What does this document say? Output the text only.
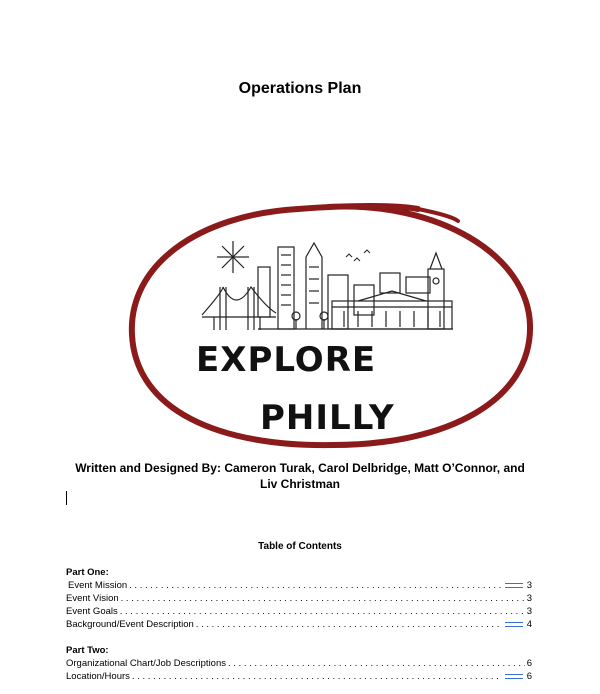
Operations Plan
EXPLORE
PHILLY
Written and Designed By: Cameron Turak, Carol Delbridge, Matt O’Connor, and
Liv Christman
Table of Contents
Part One:
Event Mission . . .	3
Event Vision . . .	3
Event Goals . . .	3
Background/Event Description . . .	4
Part Two:
Organizational Chart/Job Descriptions . . .	6
Location/Hours . . .	6
